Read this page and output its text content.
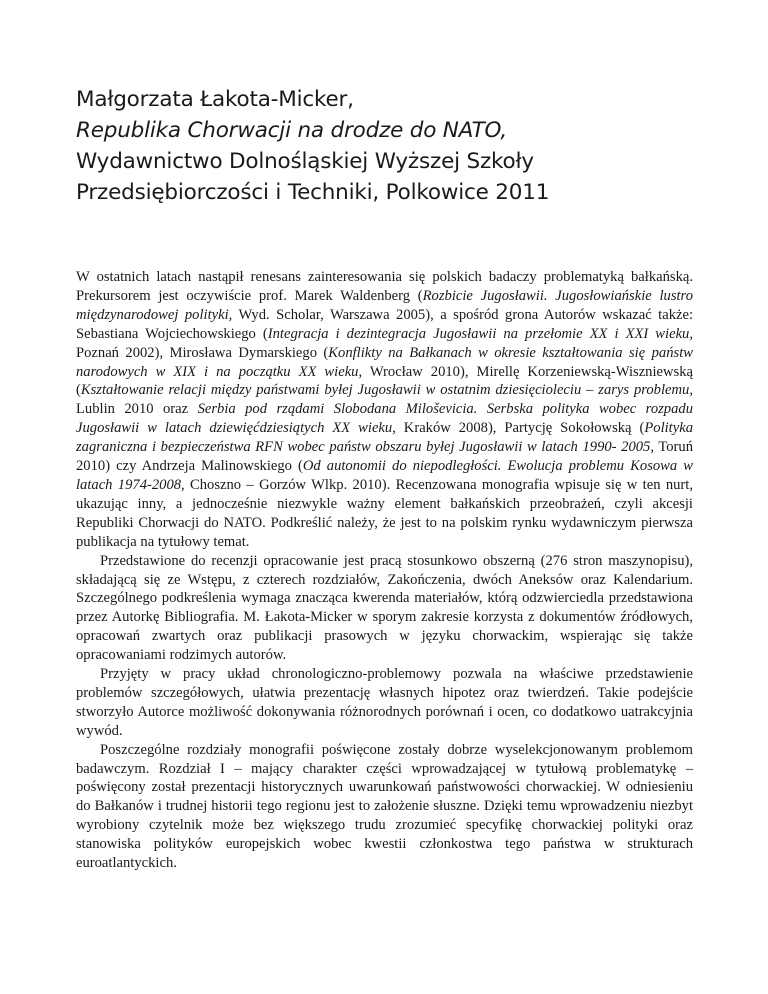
Małgorzata Łakota-Micker,
Republika Chorwacji na drodze do NATO,
Wydawnictwo Dolnośląskiej Wyższej Szkoły
Przedsiębiorczości i Techniki, Polkowice 2011

W ostatnich latach nastąpił renesans zainteresowania się polskich badaczy problematyką bałkańską. Prekursorem jest oczywiście prof. Marek Waldenberg (Rozbicie Jugosławii. Jugosłowiańskie lustro międzynarodowej polityki, Wyd. Scholar, Warszawa 2005), a spośród grona Autorów wskazać także: Sebastiana Wojciechowskiego (Integracja i dezintegracja Jugosławii na przełomie XX i XXI wieku, Poznań 2002), Mirosława Dymarskiego (Konflikty na Bałkanach w okresie kształtowania się państw narodowych w XIX i na początku XX wieku, Wrocław 2010), Mirellę Korzeniewską-Wiszniewską (Kształtowanie relacji między państwami byłej Jugosławii w ostatnim dziesięcioleciu – zarys problemu, Lublin 2010 oraz Serbia pod rządami Slobodana Miloševicia. Serbska polityka wobec rozpadu Jugosławii w latach dziewięćdziesiątych XX wieku, Kraków 2008), Partycję Sokołowską (Polityka zagraniczna i bezpieczeństwa RFN wobec państw obszaru byłej Jugosławii w latach 1990- 2005, Toruń 2010) czy Andrzeja Malinowskiego (Od autonomii do niepodległości. Ewolucja problemu Kosowa w latach 1974-2008, Choszno – Gorzów Wlkp. 2010). Recenzowana monografia wpisuje się w ten nurt, ukazując inny, a jednocześnie niezwykle ważny element bałkańskich przeobrażeń, czyli akcesji Republiki Chorwacji do NATO. Podkreślić należy, że jest to na polskim rynku wydawniczym pierwsza publikacja na tytułowy temat.

Przedstawione do recenzji opracowanie jest pracą stosunkowo obszerną (276 stron maszynopisu), składającą się ze Wstępu, z czterech rozdziałów, Zakończenia, dwóch Aneksów oraz Kalendarium. Szczególnego podkreślenia wymaga znacząca kwerenda materiałów, którą odzwierciedla przedstawiona przez Autorkę Bibliografia. M. Łakota-Micker w sporym zakresie korzysta z dokumentów źródłowych, opracowań zwartych oraz publikacji prasowych w języku chorwackim, wspierając się także opracowaniami rodzimych autorów.

Przyjęty w pracy układ chronologiczno-problemowy pozwala na właściwe przedstawienie problemów szczegółowych, ułatwia prezentację własnych hipotez oraz twierdzeń. Takie podejście stworzyło Autorce możliwość dokonywania różnorodnych porównań i ocen, co dodatkowo uatrakcyjnia wywód.

Poszczególne rozdziały monografii poświęcone zostały dobrze wyselekcjonowanym problemom badawczym. Rozdział I – mający charakter części wprowadzającej w tytułową problematykę – poświęcony został prezentacji historycznych uwarunkowań państwowości chorwackiej. W odniesieniu do Bałkanów i trudnej historii tego regionu jest to założenie słuszne. Dzięki temu wprowadzeniu niezbyt wyrobiony czytelnik może bez większego trudu zrozumieć specyfikę chorwackiej polityki oraz stanowiska polityków europejskich wobec kwestii członkostwa tego państwa w strukturach euroatlantyckich.
